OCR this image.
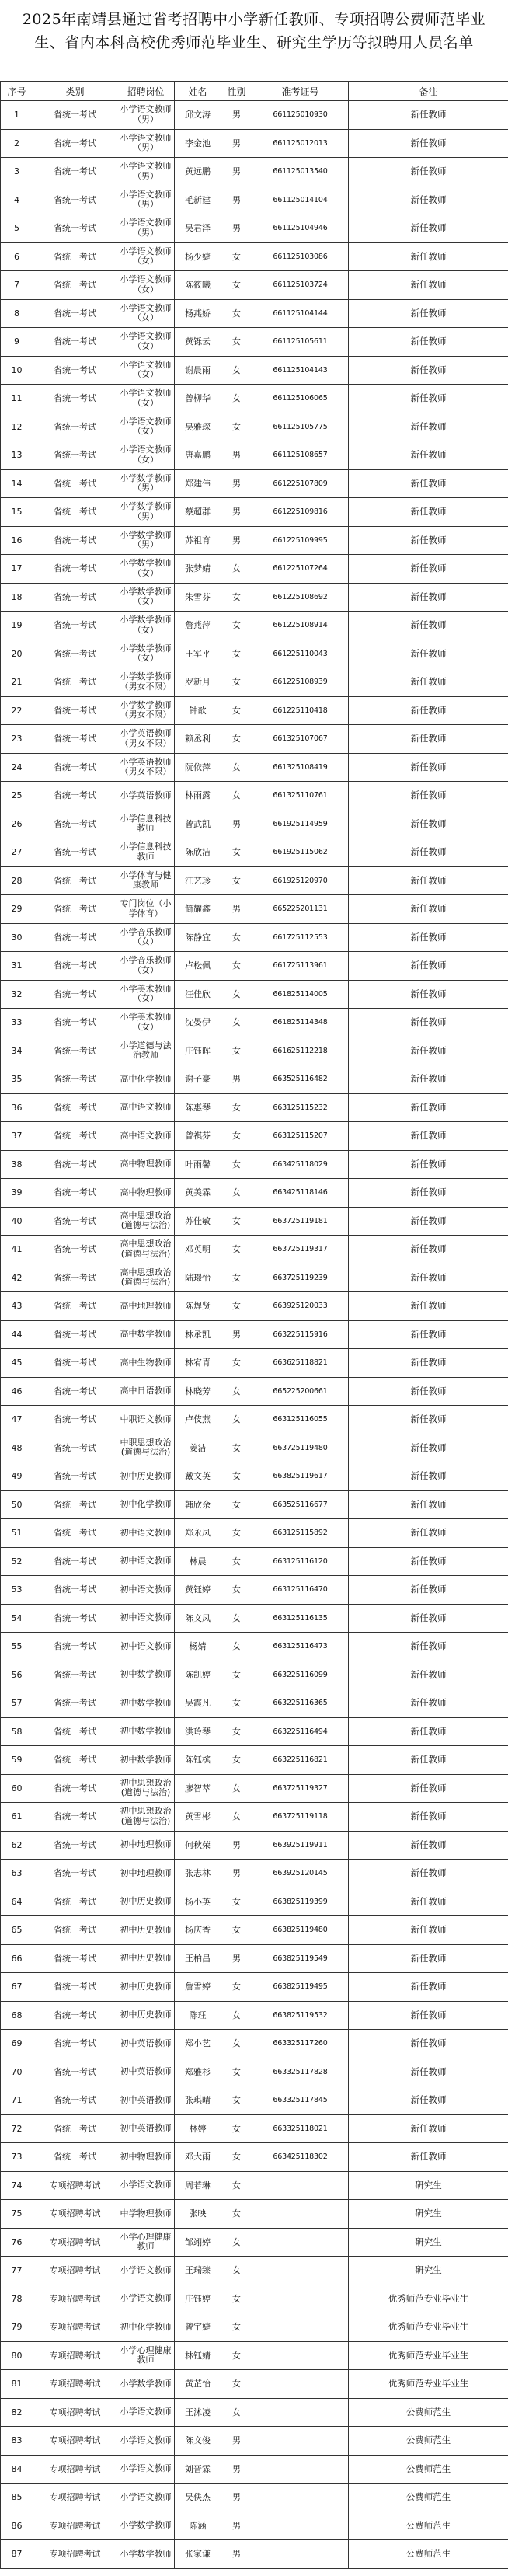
2025年南靖县通过省考招聘中小学新任教师、专项招聘公费师范毕业生、省内本科高校优秀师范毕业生、研究生学历等拟聘用人员名单
序号	类别	招聘岗位	姓名	性别	准考证号	备注
1	省统一考试	小学语文教师（男）	邱文涛	男	661125010930	新任教师
2	省统一考试	小学语文教师（男）	李金池	男	661125012013	新任教师
3	省统一考试	小学语文教师（男）	黄远鹏	男	661125013540	新任教师
4	省统一考试	小学语文教师（男）	毛新建	男	661125014104	新任教师
5	省统一考试	小学语文教师（男）	吴君泽	男	661125104946	新任教师
6	省统一考试	小学语文教师（女）	杨少婕	女	661125103086	新任教师
7	省统一考试	小学语文教师（女）	陈筱曦	女	661125103724	新任教师
8	省统一考试	小学语文教师（女）	杨燕娇	女	661125104144	新任教师
9	省统一考试	小学语文教师（女）	黄铄云	女	661125105611	新任教师
10	省统一考试	小学语文教师（女）	谢晨雨	女	661125104143	新任教师
11	省统一考试	小学语文教师（女）	曾柳华	女	661125106065	新任教师
12	省统一考试	小学语文教师（女）	吴雅琛	女	661125105775	新任教师
13	省统一考试	小学语文教师（女）	唐嘉鹏	男	661125108657	新任教师
14	省统一考试	小学数学教师（男）	郑建伟	男	661225107809	新任教师
15	省统一考试	小学数学教师（男）	蔡超群	男	661225109816	新任教师
16	省统一考试	小学数学教师（男）	苏祖育	男	661225109995	新任教师
17	省统一考试	小学数学教师（女）	张梦婧	女	661225107264	新任教师
18	省统一考试	小学数学教师（女）	朱雪芬	女	661225108692	新任教师
19	省统一考试	小学数学教师（女）	詹燕萍	女	661225108914	新任教师
20	省统一考试	小学数学教师（女）	王军平	女	661225110043	新任教师
21	省统一考试	小学数学教师（男女不限）	罗新月	女	661225108939	新任教师
22	省统一考试	小学数学教师（男女不限）	钟歆	女	661225110418	新任教师
23	省统一考试	小学英语教师（男女不限）	赖丞利	女	661325107067	新任教师
24	省统一考试	小学英语教师（男女不限）	阮依萍	女	661325108419	新任教师
25	省统一考试	小学英语教师	林雨露	女	661325110761	新任教师
26	省统一考试	小学信息科技教师	曾武凯	男	661925114959	新任教师
27	省统一考试	小学信息科技教师	陈欣洁	女	661925115062	新任教师
28	省统一考试	小学体育与健康教师	江艺珍	女	661925120970	新任教师
29	省统一考试	专门岗位（小学体育）	简耀鑫	男	665225201131	新任教师
30	省统一考试	小学音乐教师（女）	陈静宜	女	661725112553	新任教师
31	省统一考试	小学音乐教师（女）	卢松佩	女	661725113961	新任教师
32	省统一考试	小学美术教师（女）	汪佳欣	女	661825114005	新任教师
33	省统一考试	小学美术教师（女）	沈晏伊	女	661825114348	新任教师
34	省统一考试	小学道德与法治教师	庄钰晖	女	661625112218	新任教师
35	省统一考试	高中化学教师	谢子豪	男	663525116482	新任教师
36	省统一考试	高中语文教师	陈惠琴	女	663125115232	新任教师
37	省统一考试	高中语文教师	曾祺芬	女	663125115207	新任教师
38	省统一考试	高中物理教师	叶雨馨	女	663425118029	新任教师
39	省统一考试	高中物理教师	黄美霖	女	663425118146	新任教师
40	省统一考试	高中思想政治(道德与法治)	苏佳敏	女	663725119181	新任教师
41	省统一考试	高中思想政治(道德与法治)	邓英明	女	663725119317	新任教师
42	省统一考试	高中思想政治(道德与法治)	陆璟怡	女	663725119239	新任教师
43	省统一考试	高中地理教师	陈焊贤	女	663925120033	新任教师
44	省统一考试	高中数学教师	林承凯	男	663225115916	新任教师
45	省统一考试	高中生物教师	林宥青	女	663625118821	新任教师
46	省统一考试	高中日语教师	林晓芳	女	665225200661	新任教师
47	省统一考试	中职语文教师	卢伎燕	女	663125116055	新任教师
48	省统一考试	中职思想政治(道德与法治)	姜洁	女	663725119480	新任教师
49	省统一考试	初中历史教师	戴文英	女	663825119617	新任教师
50	省统一考试	初中化学教师	韩欣余	女	663525116677	新任教师
51	省统一考试	初中语文教师	郑永凤	女	663125115892	新任教师
52	省统一考试	初中语文教师	林晨	女	663125116120	新任教师
53	省统一考试	初中语文教师	黄钰婷	女	663125116470	新任教师
54	省统一考试	初中语文教师	陈文凤	女	663125116135	新任教师
55	省统一考试	初中语文教师	杨婧	女	663125116473	新任教师
56	省统一考试	初中数学教师	陈凯婷	女	663225116099	新任教师
57	省统一考试	初中数学教师	吴霞凡	女	663225116365	新任教师
58	省统一考试	初中数学教师	洪玲琴	女	663225116494	新任教师
59	省统一考试	初中数学教师	陈钰槟	女	663225116821	新任教师
60	省统一考试	初中思想政治(道德与法治)	廖智萃	女	663725119327	新任教师
61	省统一考试	初中思想政治(道德与法治)	黄雪彬	女	663725119118	新任教师
62	省统一考试	初中地理教师	何秋荣	男	663925119911	新任教师
63	省统一考试	初中地理教师	张志林	男	663925120145	新任教师
64	省统一考试	初中历史教师	杨小英	女	663825119399	新任教师
65	省统一考试	初中历史教师	杨庆香	女	663825119480	新任教师
66	省统一考试	初中历史教师	王柏昌	男	663825119549	新任教师
67	省统一考试	初中历史教师	詹雪婷	女	663825119495	新任教师
68	省统一考试	初中历史教师	陈玨	女	663825119532	新任教师
69	省统一考试	初中英语教师	郑小艺	女	663325117260	新任教师
70	省统一考试	初中英语教师	郑雅杉	女	663325117828	新任教师
71	省统一考试	初中英语教师	张琪晴	女	663325117845	新任教师
72	省统一考试	初中英语教师	林婷	女	663325118021	新任教师
73	省统一考试	初中物理教师	邓大雨	女	663425118302	新任教师
74	专项招聘考试	小学语文教师	周若琳	女		研究生
75	专项招聘考试	中学物理教师	张映	女		研究生
76	专项招聘考试	小学心理健康教师	邹翊婷	女		研究生
77	专项招聘考试	小学语文教师	王瑞臻	女		研究生
78	专项招聘考试	小学语文教师	庄钰婷	女		优秀师范专业毕业生
79	专项招聘考试	初中化学教师	曾宇婕	女		优秀师范专业毕业生
80	专项招聘考试	小学心理健康教师	林钰婧	女		优秀师范专业毕业生
81	专项招聘考试	小学数学教师	黄芷怡	女		优秀师范专业毕业生
82	专项招聘考试	小学语文教师	王沭凌	女		公费师范生
83	专项招聘考试	小学语文教师	陈文俊	男		公费师范生
84	专项招聘考试	小学语文教师	刘晋霖	男		公费师范生
85	专项招聘考试	小学语文教师	吴佚杰	男		公费师范生
86	专项招聘考试	小学数学教师	陈涵	男		公费师范生
87	专项招聘考试	小学数学教师	张家谦	男		公费师范生
